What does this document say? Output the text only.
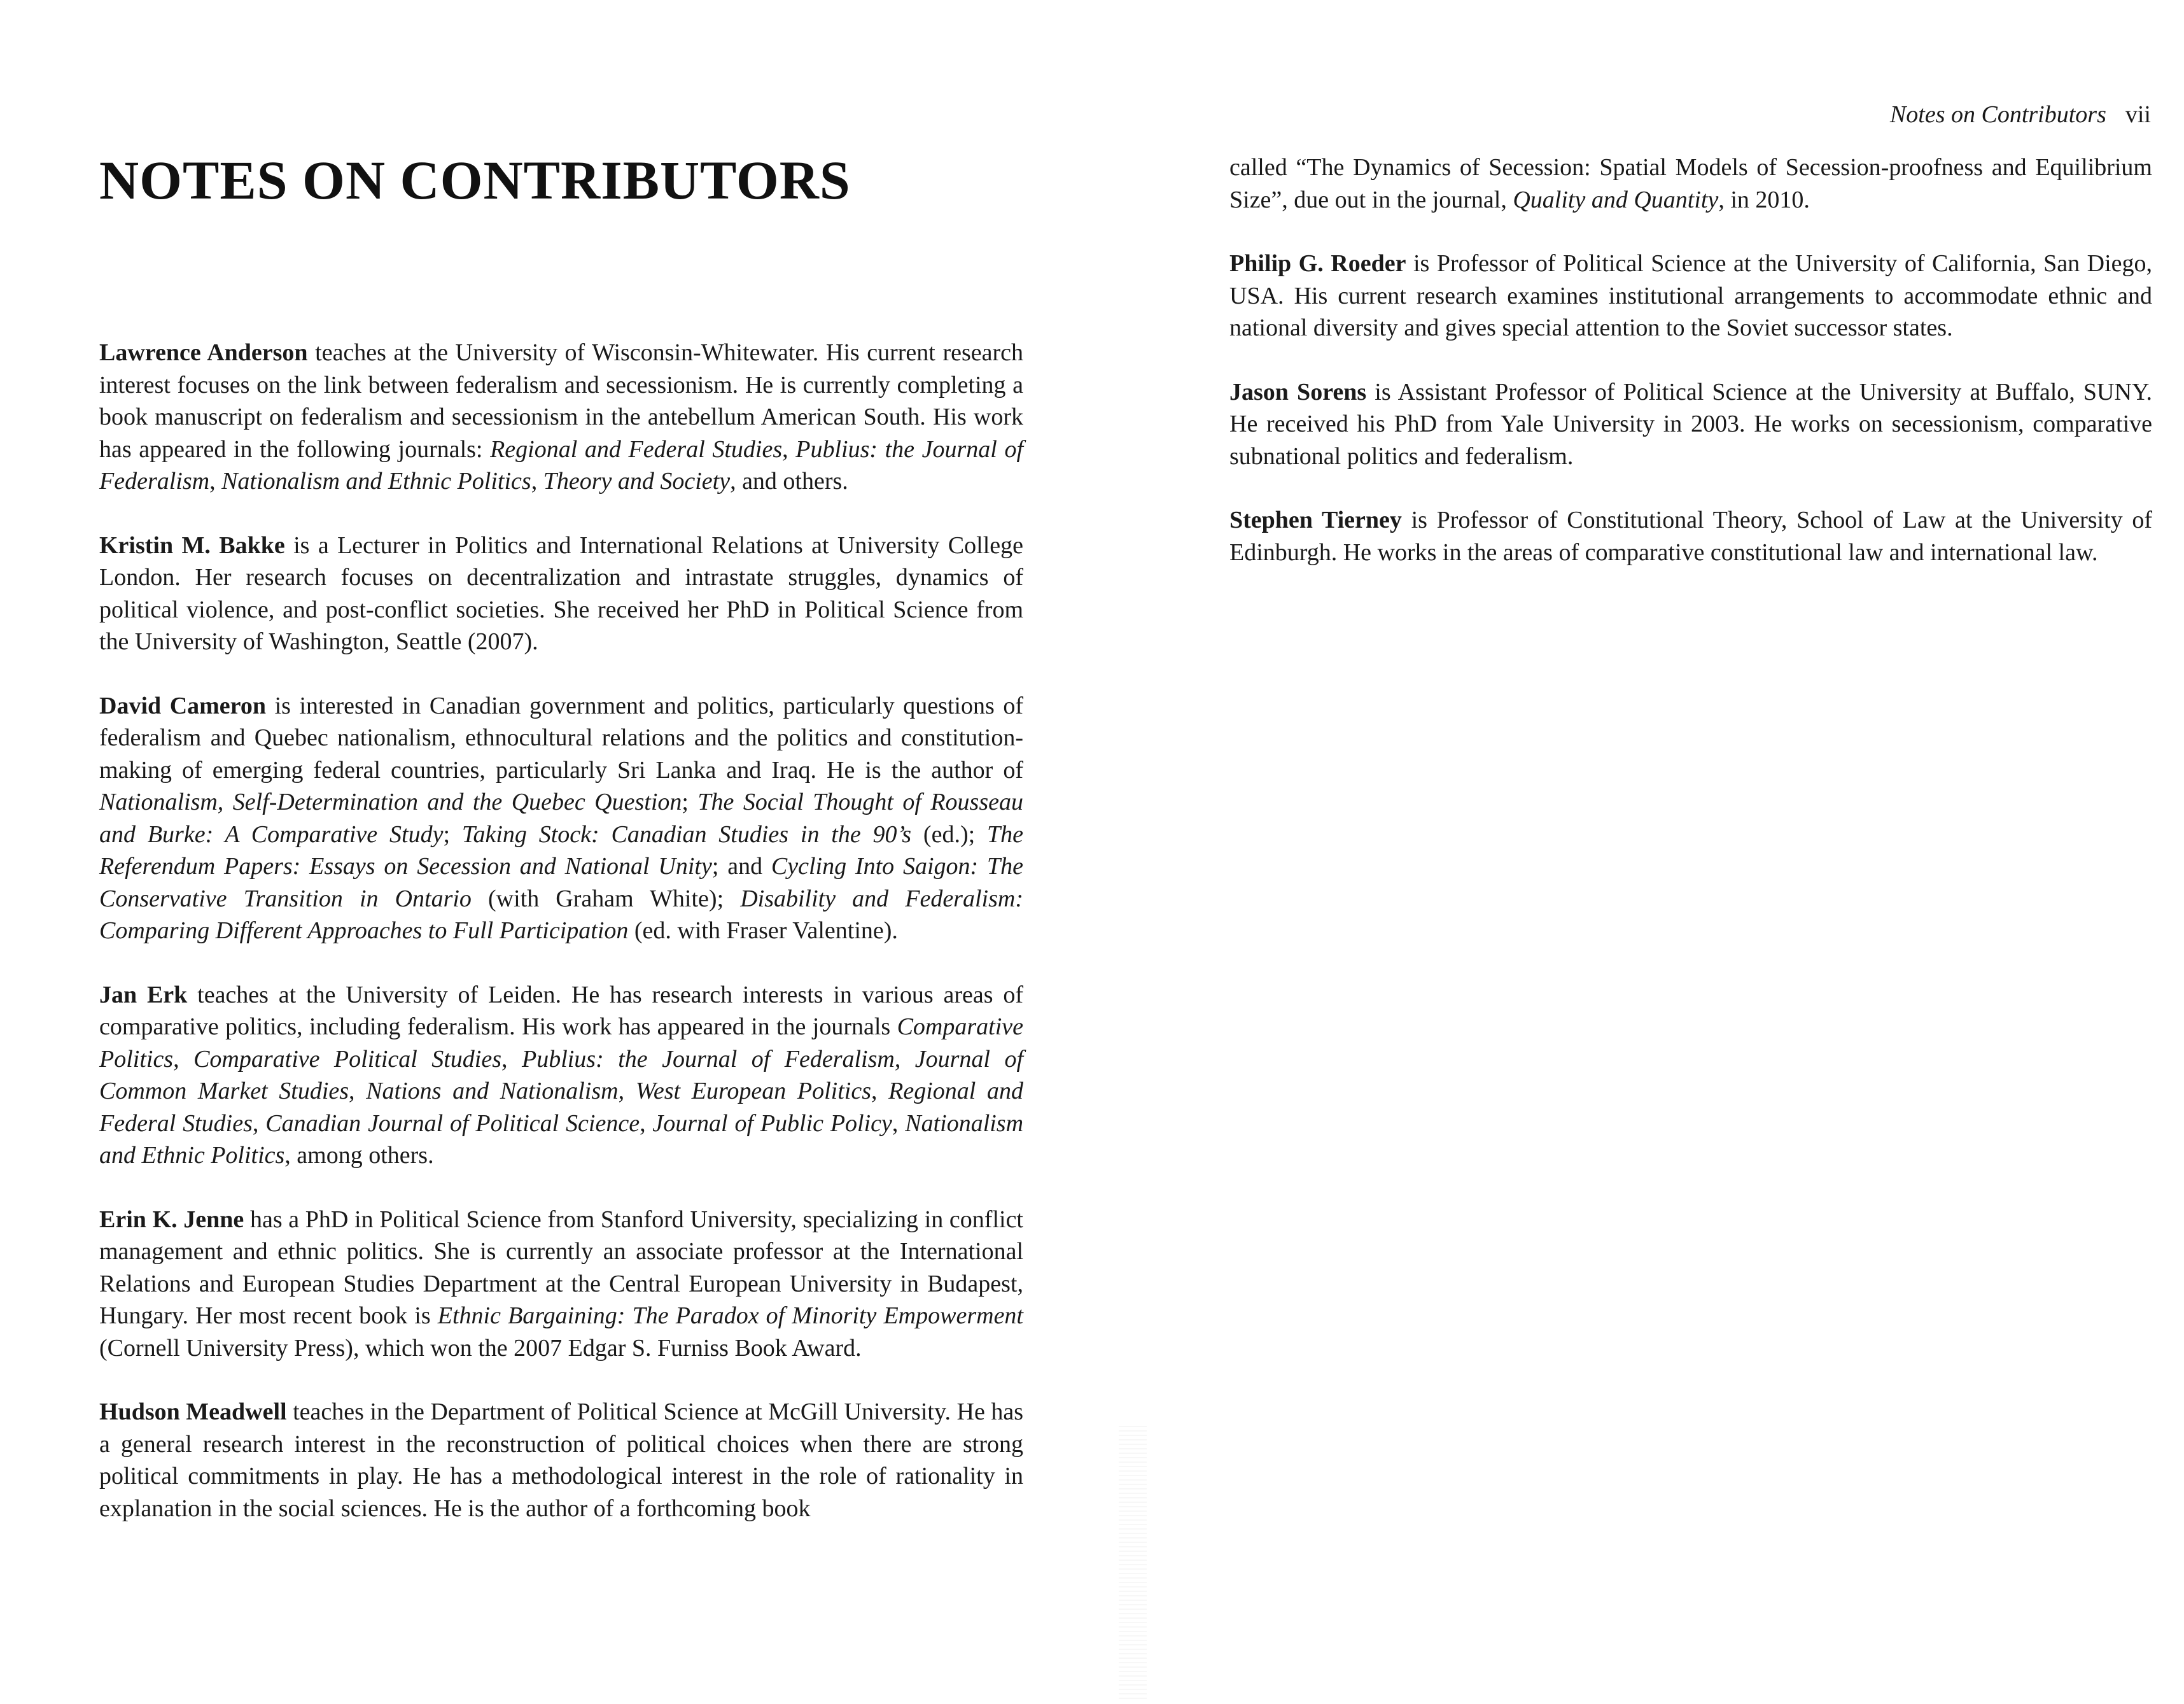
NOTES ON CONTRIBUTORS

Lawrence Anderson teaches at the University of Wisconsin-Whitewater. His current research interest focuses on the link between federalism and secessionism. He is currently completing a book manuscript on federalism and secessionism in the antebellum American South. His work has appeared in the following journals: Regional and Federal Studies, Publius: the Journal of Federalism, Nationalism and Ethnic Politics, Theory and Society, and others.

Kristin M. Bakke is a Lecturer in Politics and International Relations at University College London. Her research focuses on decentralization and intrastate struggles, dynamics of political violence, and post-conflict societies. She received her PhD in Political Science from the University of Washington, Seattle (2007).

David Cameron is interested in Canadian government and politics, particularly questions of federalism and Quebec nationalism, ethnocultural relations and the politics and constitution-making of emerging federal countries, particularly Sri Lanka and Iraq. He is the author of Nationalism, Self-Determination and the Quebec Question; The Social Thought of Rousseau and Burke: A Comparative Study; Taking Stock: Canadian Studies in the 90’s (ed.); The Referendum Papers: Essays on Secession and National Unity; and Cycling Into Saigon: The Conservative Transition in Ontario (with Graham White); Disability and Federalism: Comparing Different Approaches to Full Participation (ed. with Fraser Valentine).

Jan Erk teaches at the University of Leiden. He has research interests in various areas of comparative politics, including federalism. His work has appeared in the journals Comparative Politics, Comparative Political Studies, Publius: the Journal of Federalism, Journal of Common Market Studies, Nations and Nationalism, West European Politics, Regional and Federal Studies, Canadian Journal of Political Science, Journal of Public Policy, Nationalism and Ethnic Politics, among others.

Erin K. Jenne has a PhD in Political Science from Stanford University, specializing in conflict management and ethnic politics. She is currently an associate professor at the International Relations and European Studies Department at the Central European University in Budapest, Hungary. Her most recent book is Ethnic Bargaining: The Paradox of Minority Empowerment (Cornell University Press), which won the 2007 Edgar S. Furniss Book Award.

Hudson Meadwell teaches in the Department of Political Science at McGill University. He has a general research interest in the reconstruction of political choices when there are strong political commitments in play. He has a methodological interest in the role of rationality in explanation in the social sciences. He is the author of a forthcoming book

Notes on Contributors vii

called “The Dynamics of Secession: Spatial Models of Secession-proofness and Equilibrium Size”, due out in the journal, Quality and Quantity, in 2010.

Philip G. Roeder is Professor of Political Science at the University of California, San Diego, USA. His current research examines institutional arrangements to accommodate ethnic and national diversity and gives special attention to the Soviet successor states.

Jason Sorens is Assistant Professor of Political Science at the University at Buffalo, SUNY. He received his PhD from Yale University in 2003. He works on secessionism, comparative subnational politics and federalism.

Stephen Tierney is Professor of Constitutional Theory, School of Law at the University of Edinburgh. He works in the areas of comparative constitutional law and international law.
